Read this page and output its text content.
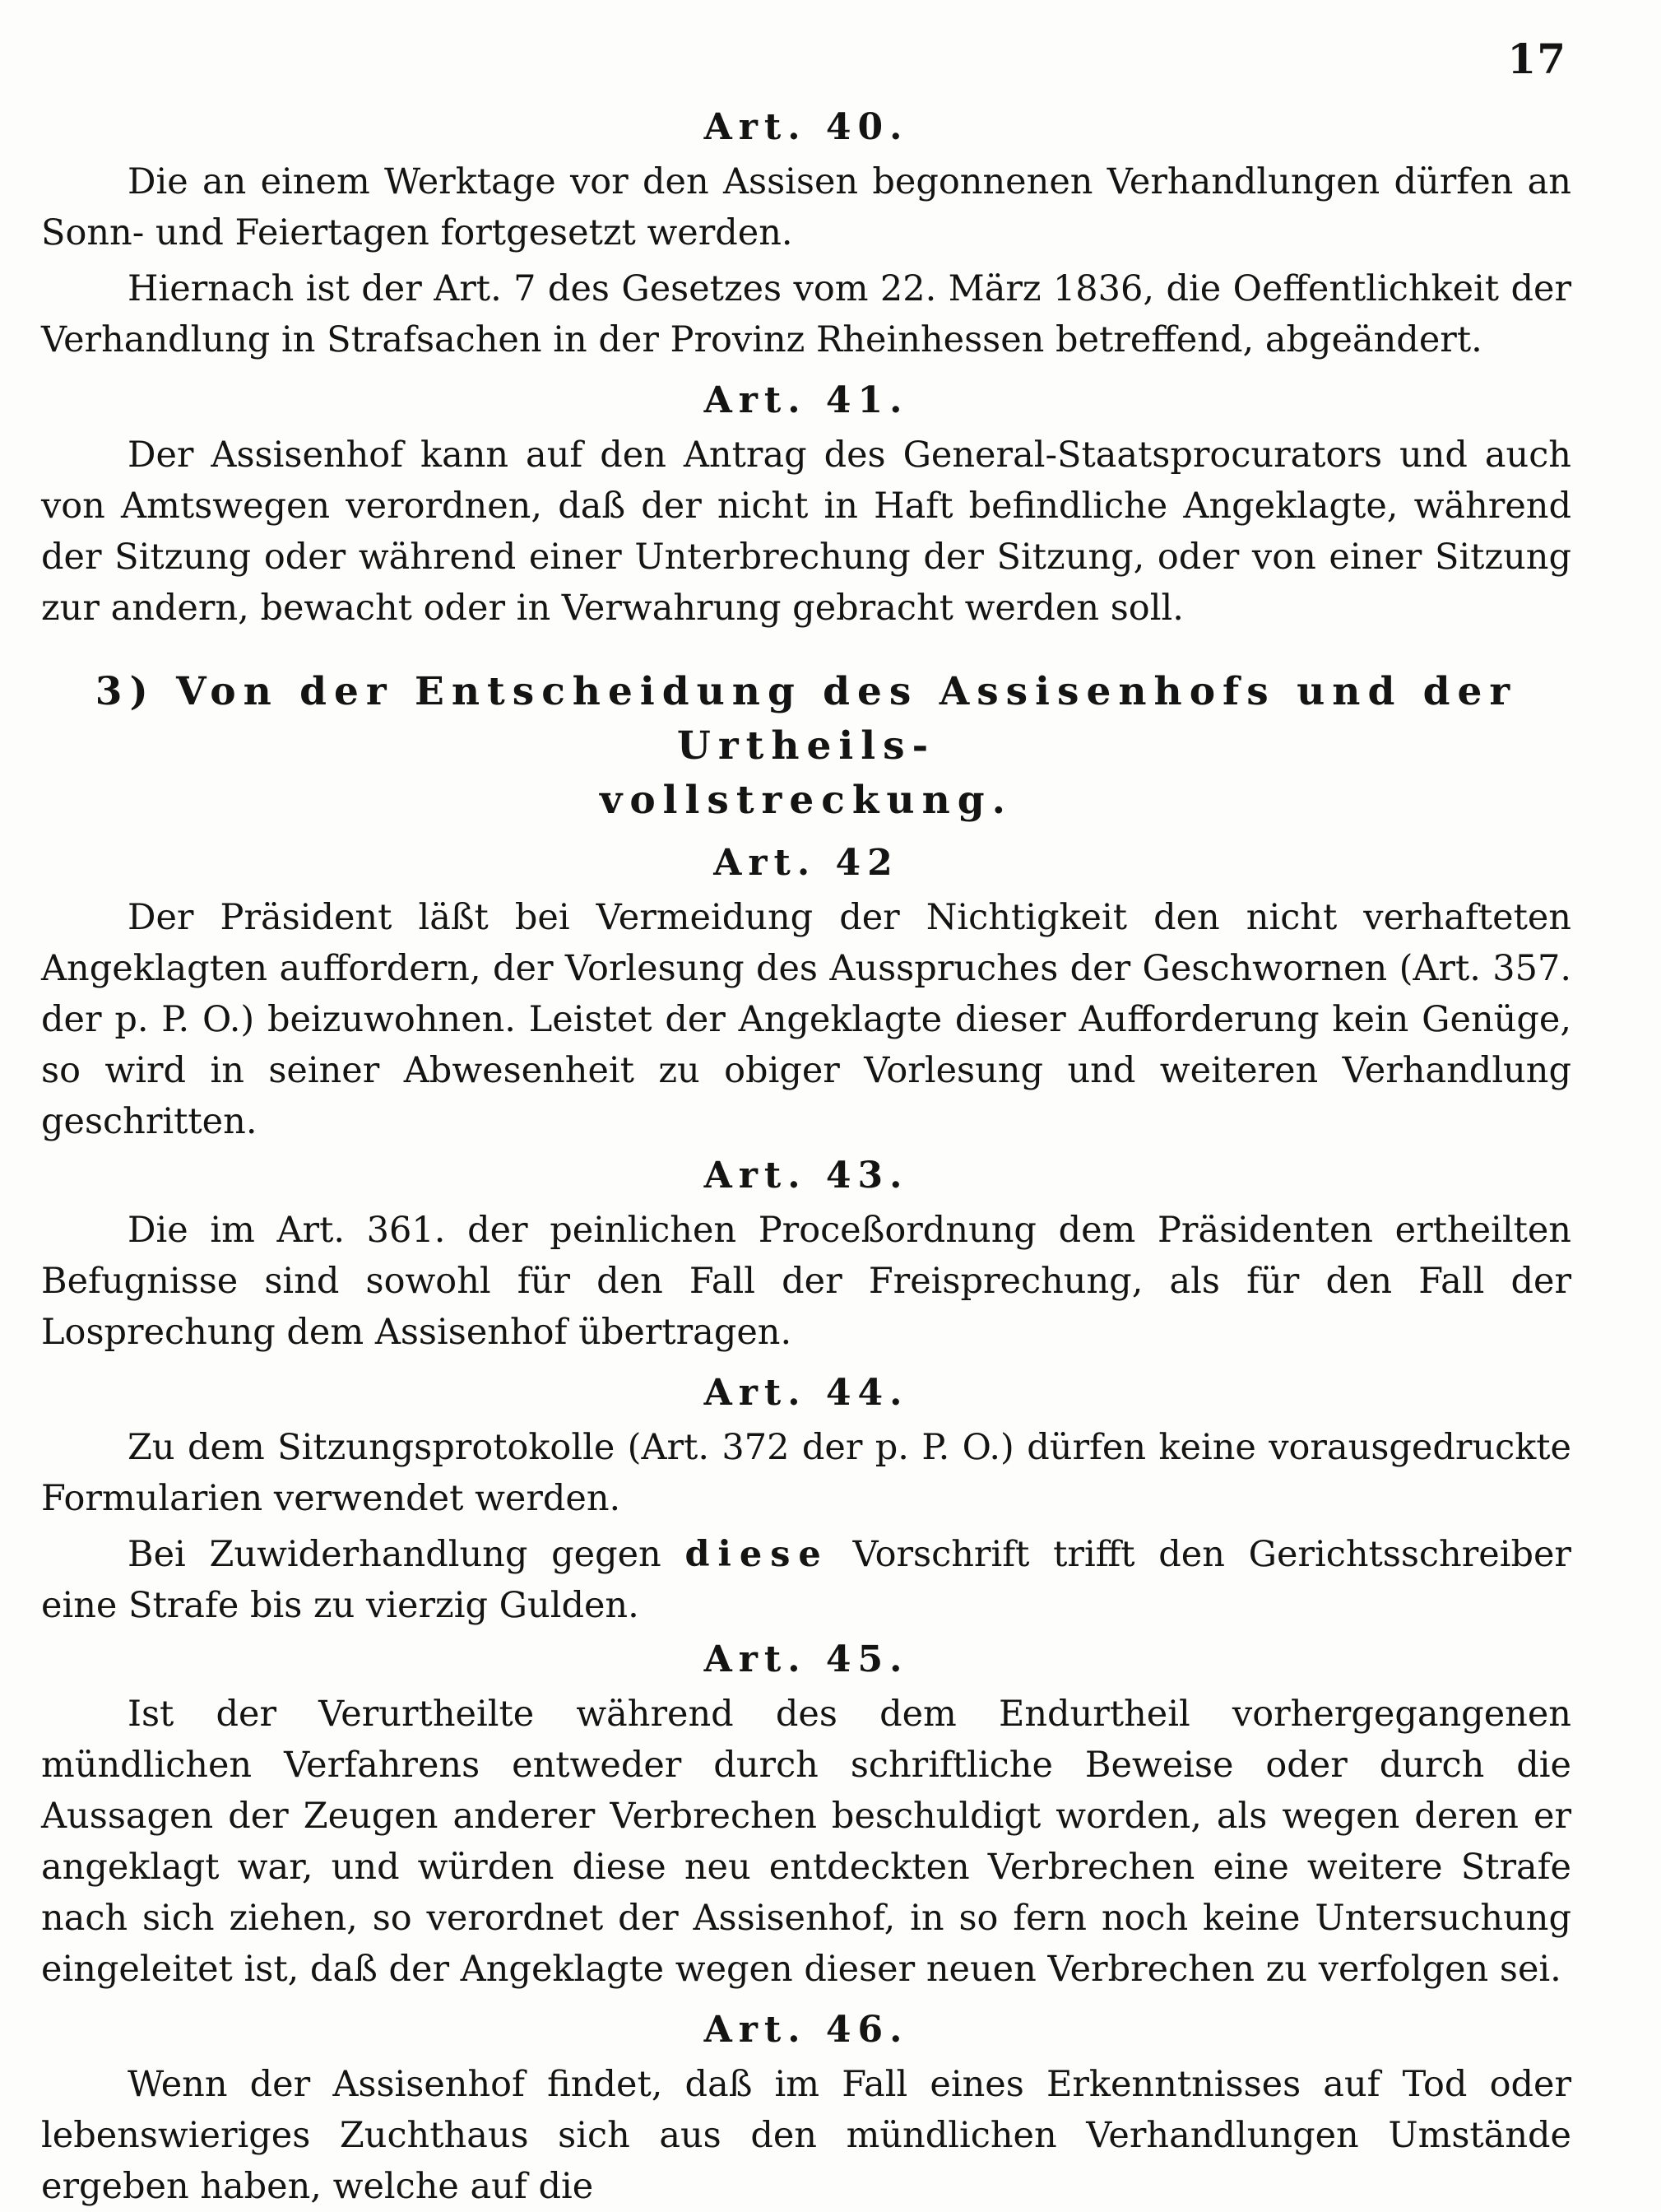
17
Art. 40.

Die an einem Werktage vor den Assisen begonnenen Verhandlungen dürfen an Sonn- und Feiertagen fortgesetzt werden.

Hiernach ist der Art. 7 des Gesetzes vom 22. März 1836, die Oeffentlichkeit der Verhandlung in Strafsachen in der Provinz Rheinhessen betreffend, abgeändert.

Art. 41.

Der Assisenhof kann auf den Antrag des General-Staatsprocurators und auch von Amtswegen verordnen, daß der nicht in Haft befindliche Angeklagte, während der Sitzung oder während einer Unterbrechung der Sitzung, oder von einer Sitzung zur andern, bewacht oder in Verwahrung gebracht werden soll.

3) Von der Entscheidung des Assisenhofs und der Urtheils-
vollstreckung.
Art. 42

Der Präsident läßt bei Vermeidung der Nichtigkeit den nicht verhafteten Angeklagten auffordern, der Vorlesung des Ausspruches der Geschwornen (Art. 357. der p. P. O.) beizuwohnen. Leistet der Angeklagte dieser Aufforderung kein Genüge, so wird in seiner Abwesenheit zu obiger Vorlesung und weiteren Verhandlung geschritten.

Art. 43.

Die im Art. 361. der peinlichen Proceßordnung dem Präsidenten ertheilten Befugnisse sind sowohl für den Fall der Freisprechung, als für den Fall der Losprechung dem Assisenhof übertragen.

Art. 44.

Zu dem Sitzungsprotokolle (Art. 372 der p. P. O.) dürfen keine vorausgedruckte Formularien verwendet werden.

Bei Zuwiderhandlung gegen diese Vorschrift trifft den Gerichtsschreiber eine Strafe bis zu vierzig Gulden.

Art. 45.

Ist der Verurtheilte während des dem Endurtheil vorhergegangenen mündlichen Verfahrens entweder durch schriftliche Beweise oder durch die Aussagen der Zeugen anderer Verbrechen beschuldigt worden, als wegen deren er angeklagt war, und würden diese neu entdeckten Verbrechen eine weitere Strafe nach sich ziehen, so verordnet der Assisenhof, in so fern noch keine Untersuchung eingeleitet ist, daß der Angeklagte wegen dieser neuen Verbrechen zu verfolgen sei.

Art. 46.

Wenn der Assisenhof findet, daß im Fall eines Erkenntnisses auf Tod oder lebenswieriges Zuchthaus sich aus den mündlichen Verhandlungen Umstände ergeben haben, welche auf die
